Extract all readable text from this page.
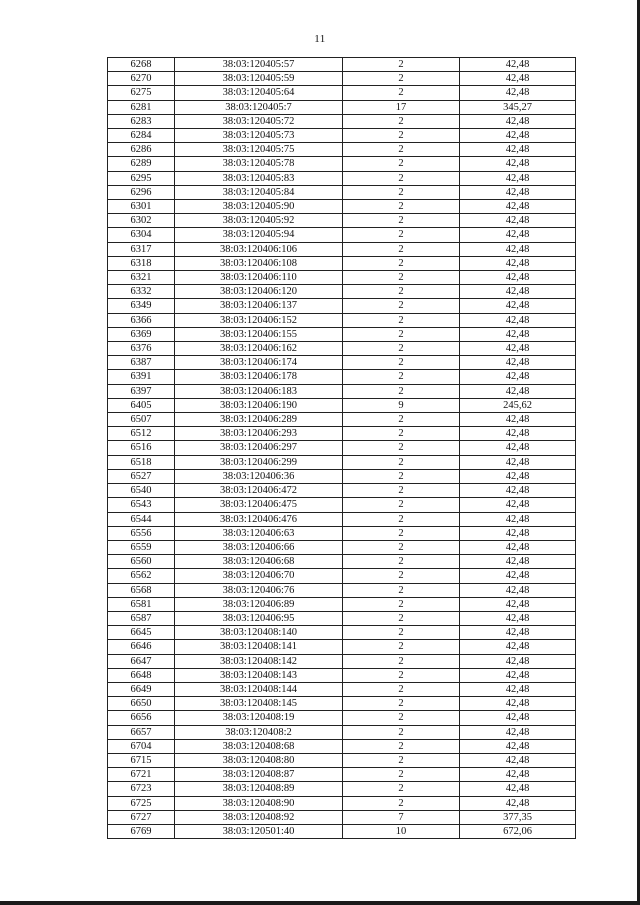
11
6268	38:03:120405:57	2	42,48
6270	38:03:120405:59	2	42,48
6275	38:03:120405:64	2	42,48
6281	38:03:120405:7	17	345,27
6283	38:03:120405:72	2	42,48
6284	38:03:120405:73	2	42,48
6286	38:03:120405:75	2	42,48
6289	38:03:120405:78	2	42,48
6295	38:03:120405:83	2	42,48
6296	38:03:120405:84	2	42,48
6301	38:03:120405:90	2	42,48
6302	38:03:120405:92	2	42,48
6304	38:03:120405:94	2	42,48
6317	38:03:120406:106	2	42,48
6318	38:03:120406:108	2	42,48
6321	38:03:120406:110	2	42,48
6332	38:03:120406:120	2	42,48
6349	38:03:120406:137	2	42,48
6366	38:03:120406:152	2	42,48
6369	38:03:120406:155	2	42,48
6376	38:03:120406:162	2	42,48
6387	38:03:120406:174	2	42,48
6391	38:03:120406:178	2	42,48
6397	38:03:120406:183	2	42,48
6405	38:03:120406:190	9	245,62
6507	38:03:120406:289	2	42,48
6512	38:03:120406:293	2	42,48
6516	38:03:120406:297	2	42,48
6518	38:03:120406:299	2	42,48
6527	38:03:120406:36	2	42,48
6540	38:03:120406:472	2	42,48
6543	38:03:120406:475	2	42,48
6544	38:03:120406:476	2	42,48
6556	38:03:120406:63	2	42,48
6559	38:03:120406:66	2	42,48
6560	38:03:120406:68	2	42,48
6562	38:03:120406:70	2	42,48
6568	38:03:120406:76	2	42,48
6581	38:03:120406:89	2	42,48
6587	38:03:120406:95	2	42,48
6645	38:03:120408:140	2	42,48
6646	38:03:120408:141	2	42,48
6647	38:03:120408:142	2	42,48
6648	38:03:120408:143	2	42,48
6649	38:03:120408:144	2	42,48
6650	38:03:120408:145	2	42,48
6656	38:03:120408:19	2	42,48
6657	38:03:120408:2	2	42,48
6704	38:03:120408:68	2	42,48
6715	38:03:120408:80	2	42,48
6721	38:03:120408:87	2	42,48
6723	38:03:120408:89	2	42,48
6725	38:03:120408:90	2	42,48
6727	38:03:120408:92	7	377,35
6769	38:03:120501:40	10	672,06
